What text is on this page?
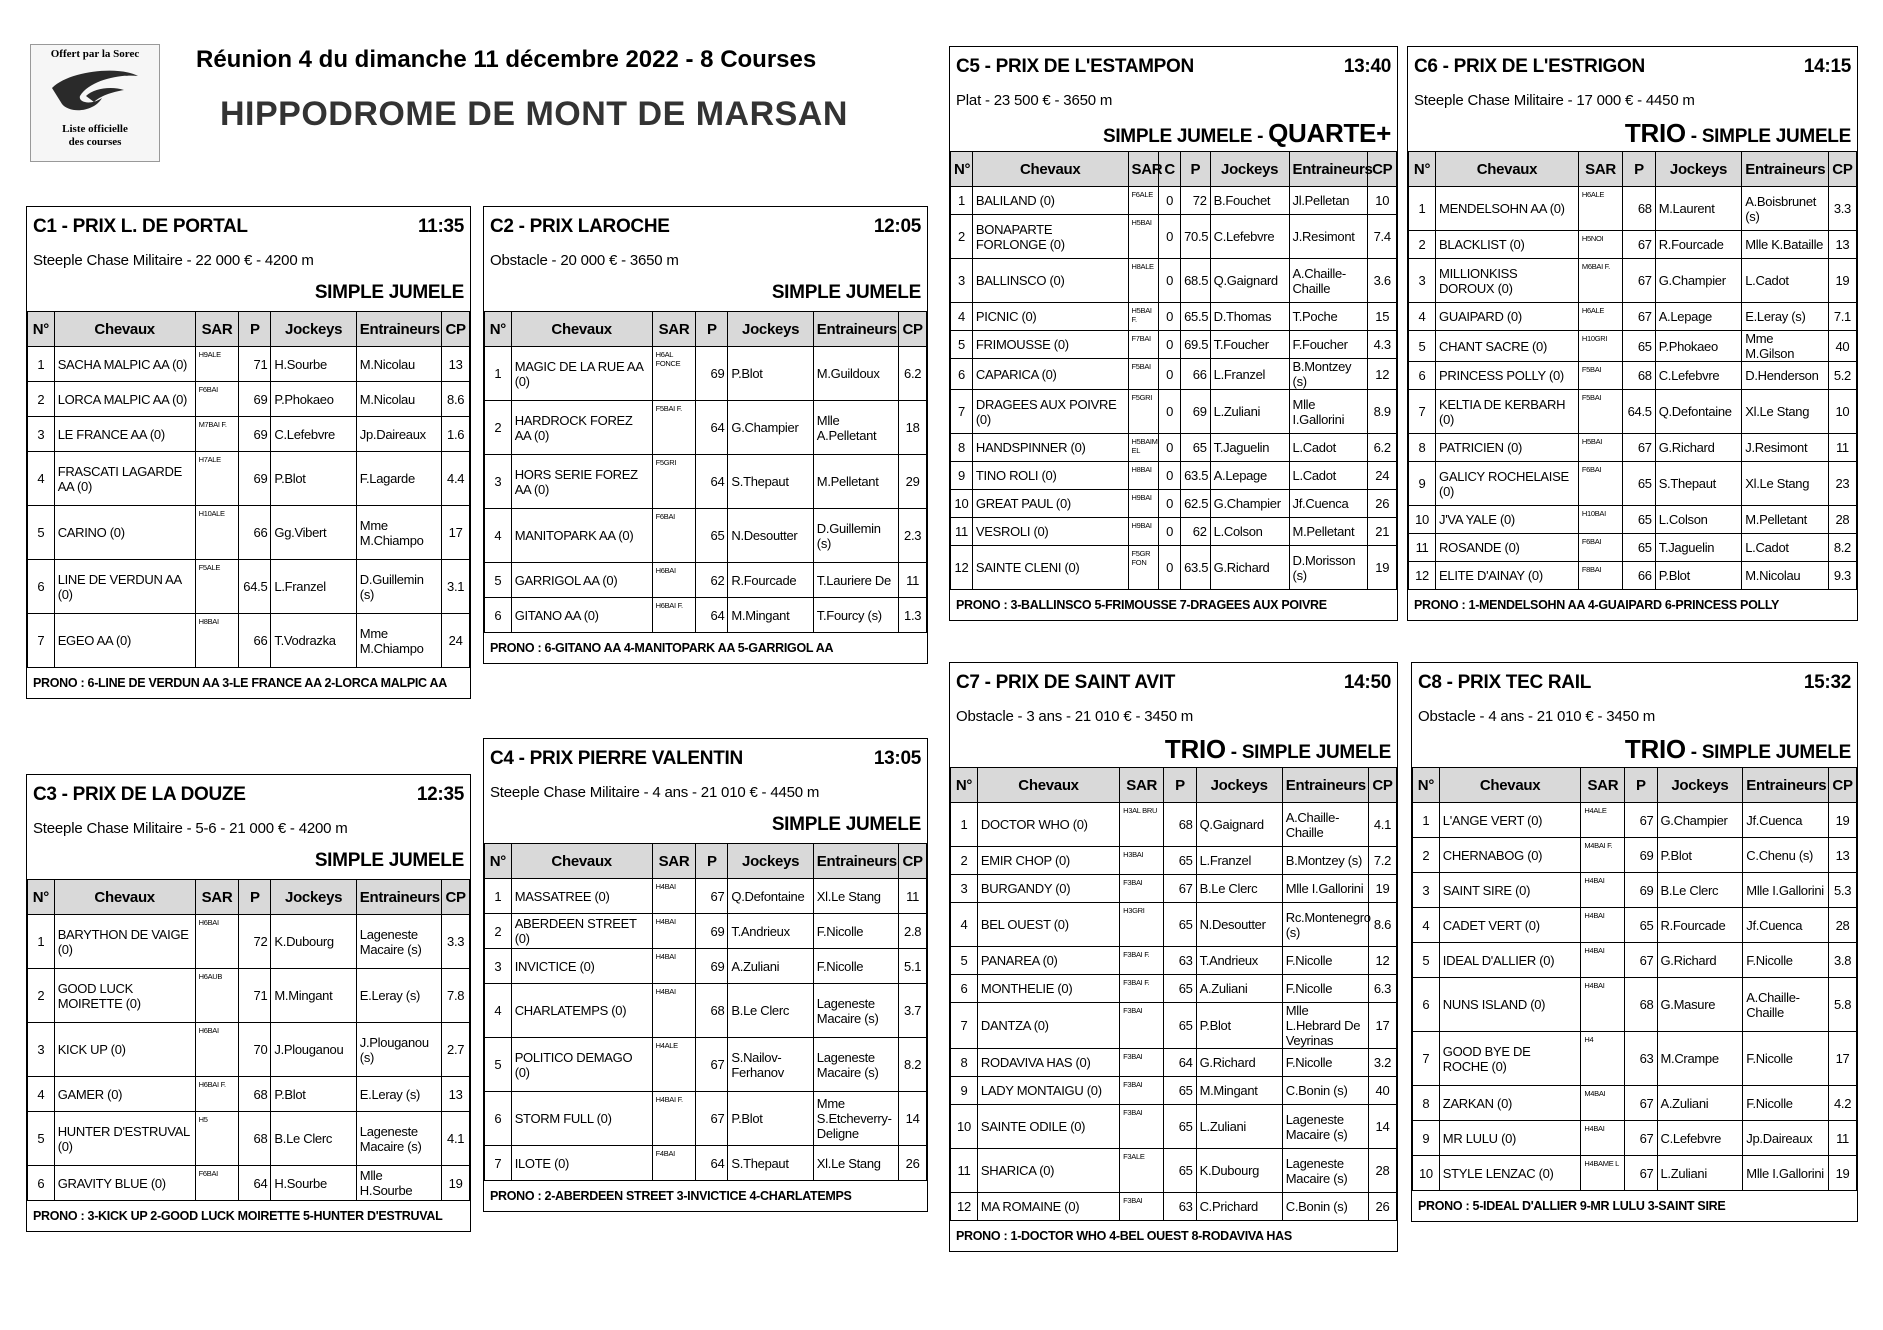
Offert par la Sorec
Liste officielle
des courses
Réunion 4 du dimanche 11 décembre 2022 - 8 Courses
HIPPODROME DE MONT DE MARSAN
C1 - PRIX L. DE PORTAL	11:35
Steeple Chase Militaire - 22 000 € - 4200 m
SIMPLE JUMELE
N°	Chevaux	SAR	P	Jockeys	Entraineurs	CP
1	SACHA MALPIC AA (0)	H9ALE	71	H.Sourbe	M.Nicolau	13
2	LORCA MALPIC AA (0)	F6BAI	69	P.Phokaeo	M.Nicolau	8.6
3	LE FRANCE AA (0)	M7BAI F.	69	C.Lefebvre	Jp.Daireaux	1.6
4	FRASCATI LAGARDE AA (0)	H7ALE	69	P.Blot	F.Lagarde	4.4
5	CARINO (0)	H10ALE	66	Gg.Vibert	Mme M.Chiampo	17
6	LINE DE VERDUN AA (0)	F5ALE	64.5	L.Franzel	D.Guillemin (s)	3.1
7	EGEO AA (0)	H8BAI	66	T.Vodrazka	Mme M.Chiampo	24
PRONO : 6-LINE DE VERDUN AA 3-LE FRANCE AA 2-LORCA MALPIC AA
C2 - PRIX LAROCHE	12:05
Obstacle - 20 000 € - 3650 m
SIMPLE JUMELE
N°	Chevaux	SAR	P	Jockeys	Entraineurs	CP
1	MAGIC DE LA RUE AA (0)	H6AL FONCE	69	P.Blot	M.Guildoux	6.2
2	HARDROCK FOREZ AA (0)	F5BAI F.	64	G.Champier	Mlle A.Pelletant	18
3	HORS SERIE FOREZ AA (0)	F5GRI	64	S.Thepaut	M.Pelletant	29
4	MANITOPARK AA (0)	F6BAI	65	N.Desoutter	D.Guillemin (s)	2.3
5	GARRIGOL AA (0)	H6BAI	62	R.Fourcade	T.Lauriere De	11
6	GITANO AA (0)	H6BAI F.	64	M.Mingant	T.Fourcy (s)	1.3
PRONO : 6-GITANO AA 4-MANITOPARK AA 5-GARRIGOL AA
C3 - PRIX DE LA DOUZE	12:35
Steeple Chase Militaire - 5-6 - 21 000 € - 4200 m
SIMPLE JUMELE
N°	Chevaux	SAR	P	Jockeys	Entraineurs	CP
1	BARYTHON DE VAIGE (0)	H6BAI	72	K.Dubourg	Lageneste Macaire (s)	3.3
2	GOOD LUCK MOIRETTE (0)	H6AUB	71	M.Mingant	E.Leray (s)	7.8
3	KICK UP (0)	H6BAI	70	J.Plouganou	J.Plouganou (s)	2.7
4	GAMER (0)	H6BAI F.	68	P.Blot	E.Leray (s)	13
5	HUNTER D'ESTRUVAL (0)	H5	68	B.Le Clerc	Lageneste Macaire (s)	4.1
6	GRAVITY BLUE (0)	F6BAI	64	H.Sourbe	Mlle H.Sourbe	19
PRONO : 3-KICK UP 2-GOOD LUCK MOIRETTE 5-HUNTER D'ESTRUVAL
C4 - PRIX PIERRE VALENTIN	13:05
Steeple Chase Militaire - 4 ans - 21 010 € - 4450 m
SIMPLE JUMELE
N°	Chevaux	SAR	P	Jockeys	Entraineurs	CP
1	MASSATREE (0)	H4BAI	67	Q.Defontaine	Xl.Le Stang	11
2	ABERDEEN STREET (0)	H4BAI	69	T.Andrieux	F.Nicolle	2.8
3	INVICTICE (0)	H4BAI	69	A.Zuliani	F.Nicolle	5.1
4	CHARLATEMPS (0)	H4BAI	68	B.Le Clerc	Lageneste Macaire (s)	3.7
5	POLITICO DEMAGO (0)	H4ALE	67	S.Nailov-Ferhanov	Lageneste Macaire (s)	8.2
6	STORM FULL (0)	H4BAI F.	67	P.Blot	Mme S.Etcheverry-Deligne	14
7	ILOTE (0)	F4BAI	64	S.Thepaut	Xl.Le Stang	26
PRONO : 2-ABERDEEN STREET 3-INVICTICE 4-CHARLATEMPS
C5 - PRIX DE L'ESTAMPON	13:40
Plat - 23 500 € - 3650 m
SIMPLE JUMELE - QUARTE+
N°	Chevaux	SAR	C	P	Jockeys	Entraineurs	CP
1	BALILAND (0)	F6ALE	0	72	B.Fouchet	Jl.Pelletan	10
2	BONAPARTE FORLONGE (0)	H5BAI	0	70.5	C.Lefebvre	J.Resimont	7.4
3	BALLINSCO (0)	H8ALE	0	68.5	Q.Gaignard	A.Chaille-Chaille	3.6
4	PICNIC (0)	H5BAI F.	0	65.5	D.Thomas	T.Poche	15
5	FRIMOUSSE (0)	F7BAI	0	69.5	T.Foucher	F.Foucher	4.3
6	CAPARICA (0)	F5BAI	0	66	L.Franzel	B.Montzey (s)	12
7	DRAGEES AUX POIVRE (0)	F5GRI	0	69	L.Zuliani	Mlle I.Gallorini	8.9
8	HANDSPINNER (0)	H5BAIM EL	0	65	T.Jaguelin	L.Cadot	6.2
9	TINO ROLI (0)	H8BAI	0	63.5	A.Lepage	L.Cadot	24
10	GREAT PAUL (0)	H9BAI	0	62.5	G.Champier	Jf.Cuenca	26
11	VESROLI (0)	H9BAI	0	62	L.Colson	M.Pelletant	21
12	SAINTE CLENI (0)	F5GR FON	0	63.5	G.Richard	D.Morisson (s)	19
PRONO : 3-BALLINSCO 5-FRIMOUSSE 7-DRAGEES AUX POIVRE
C6 - PRIX DE L'ESTRIGON	14:15
Steeple Chase Militaire - 17 000 € - 4450 m
TRIO - SIMPLE JUMELE
N°	Chevaux	SAR	P	Jockeys	Entraineurs	CP
1	MENDELSOHN AA (0)	H6ALE	68	M.Laurent	A.Boisbrunet (s)	3.3
2	BLACKLIST (0)	H5NOI	67	R.Fourcade	Mlle K.Bataille	13
3	MILLIONKISS DOROUX (0)	M6BAI F.	67	G.Champier	L.Cadot	19
4	GUAIPARD (0)	H6ALE	67	A.Lepage	E.Leray (s)	7.1
5	CHANT SACRE (0)	H10GRI	65	P.Phokaeo	Mme M.Gilson	40
6	PRINCESS POLLY (0)	F5BAI	68	C.Lefebvre	D.Henderson	5.2
7	KELTIA DE KERBARH (0)	F5BAI	64.5	Q.Defontaine	Xl.Le Stang	10
8	PATRICIEN (0)	H5BAI	67	G.Richard	J.Resimont	11
9	GALICY ROCHELAISE (0)	F6BAI	65	S.Thepaut	Xl.Le Stang	23
10	J'VA YALE (0)	H10BAI	65	L.Colson	M.Pelletant	28
11	ROSANDE (0)	F6BAI	65	T.Jaguelin	L.Cadot	8.2
12	ELITE D'AINAY (0)	F8BAI	66	P.Blot	M.Nicolau	9.3
PRONO : 1-MENDELSOHN AA 4-GUAIPARD 6-PRINCESS POLLY
C7 - PRIX DE SAINT AVIT	14:50
Obstacle - 3 ans - 21 010 € - 3450 m
TRIO - SIMPLE JUMELE
N°	Chevaux	SAR	P	Jockeys	Entraineurs	CP
1	DOCTOR WHO (0)	H3AL BRU	68	Q.Gaignard	A.Chaille-Chaille	4.1
2	EMIR CHOP (0)	H3BAI	65	L.Franzel	B.Montzey (s)	7.2
3	BURGANDY (0)	F3BAI	67	B.Le Clerc	Mlle I.Gallorini	19
4	BEL OUEST (0)	H3GRI	65	N.Desoutter	Rc.Montenegro (s)	8.6
5	PANAREA (0)	F3BAI F.	63	T.Andrieux	F.Nicolle	12
6	MONTHELIE (0)	F3BAI F.	65	A.Zuliani	F.Nicolle	6.3
7	DANTZA (0)	F3BAI	65	P.Blot	Mlle L.Hebrard De Veyrinas	17
8	RODAVIVA HAS (0)	F3BAI	64	G.Richard	F.Nicolle	3.2
9	LADY MONTAIGU (0)	F3BAI	65	M.Mingant	C.Bonin (s)	40
10	SAINTE ODILE (0)	F3BAI	65	L.Zuliani	Lageneste Macaire (s)	14
11	SHARICA (0)	F3ALE	65	K.Dubourg	Lageneste Macaire (s)	28
12	MA ROMAINE (0)	F3BAI	63	C.Prichard	C.Bonin (s)	26
PRONO : 1-DOCTOR WHO 4-BEL OUEST 8-RODAVIVA HAS
C8 - PRIX TEC RAIL	15:32
Obstacle - 4 ans - 21 010 € - 3450 m
TRIO - SIMPLE JUMELE
N°	Chevaux	SAR	P	Jockeys	Entraineurs	CP
1	L'ANGE VERT (0)	H4ALE	67	G.Champier	Jf.Cuenca	19
2	CHERNABOG (0)	M4BAI F.	69	P.Blot	C.Chenu (s)	13
3	SAINT SIRE (0)	H4BAI	69	B.Le Clerc	Mlle I.Gallorini	5.3
4	CADET VERT (0)	H4BAI	65	R.Fourcade	Jf.Cuenca	28
5	IDEAL D'ALLIER (0)	H4BAI	67	G.Richard	F.Nicolle	3.8
6	NUNS ISLAND (0)	H4BAI	68	G.Masure	A.Chaille-Chaille	5.8
7	GOOD BYE DE ROCHE (0)	H4	63	M.Crampe	F.Nicolle	17
8	ZARKAN (0)	M4BAI	67	A.Zuliani	F.Nicolle	4.2
9	MR LULU (0)	H4BAI	67	C.Lefebvre	Jp.Daireaux	11
10	STYLE LENZAC (0)	H4BAME L	67	L.Zuliani	Mlle I.Gallorini	19
PRONO : 5-IDEAL D'ALLIER 9-MR LULU 3-SAINT SIRE
